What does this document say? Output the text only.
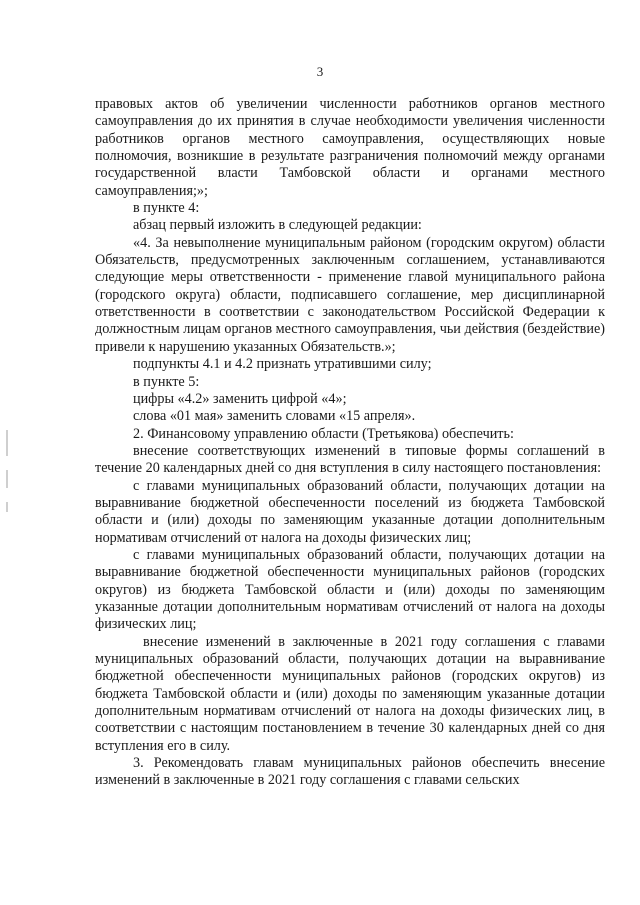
3

правовых актов об увеличении численности работников органов местного самоуправления до их принятия в случае необходимости увеличения численности работников органов местного самоуправления, осуществляющих новые полномочия, возникшие в результате разграничения полномочий между органами государственной власти Тамбовской области и органами местного самоуправления;»;

в пункте 4:

абзац первый изложить в следующей редакции:

«4. За невыполнение муниципальным районом (городским округом) области Обязательств, предусмотренных заключенным соглашением, устанавливаются следующие меры ответственности - применение главой муниципального района (городского округа) области, подписавшего соглашение, мер дисциплинарной ответственности в соответствии с законодательством Российской Федерации к должностным лицам органов местного самоуправления, чьи действия (бездействие) привели к нарушению указанных Обязательств.»;

подпункты 4.1 и 4.2 признать утратившими силу;

в пункте 5:

цифры «4.2» заменить цифрой «4»;

слова «01 мая» заменить словами «15 апреля».

2. Финансовому управлению области (Третьякова) обеспечить:

внесение соответствующих изменений в типовые формы соглашений в течение 20 календарных дней со дня вступления в силу настоящего постановления:

с главами муниципальных образований области, получающих дотации на выравнивание бюджетной обеспеченности поселений из бюджета Тамбовской области и (или) доходы по заменяющим указанные дотации дополнительным нормативам отчислений от налога на доходы физических лиц;

с главами муниципальных образований области, получающих дотации на выравнивание бюджетной обеспеченности муниципальных районов (городских округов) из бюджета Тамбовской области и (или) доходы по заменяющим указанные дотации дополнительным нормативам отчислений от налога на доходы физических лиц;

внесение изменений в заключенные в 2021 году соглашения с главами муниципальных образований области, получающих дотации на выравнивание бюджетной обеспеченности муниципальных районов (городских округов) из бюджета Тамбовской области и (или) доходы по заменяющим указанные дотации дополнительным нормативам отчислений от налога на доходы физических лиц, в соответствии с настоящим постановлением в течение 30 календарных дней со дня вступления его в силу.

3. Рекомендовать главам муниципальных районов обеспечить внесение изменений в заключенные в 2021 году соглашения с главами сельских
